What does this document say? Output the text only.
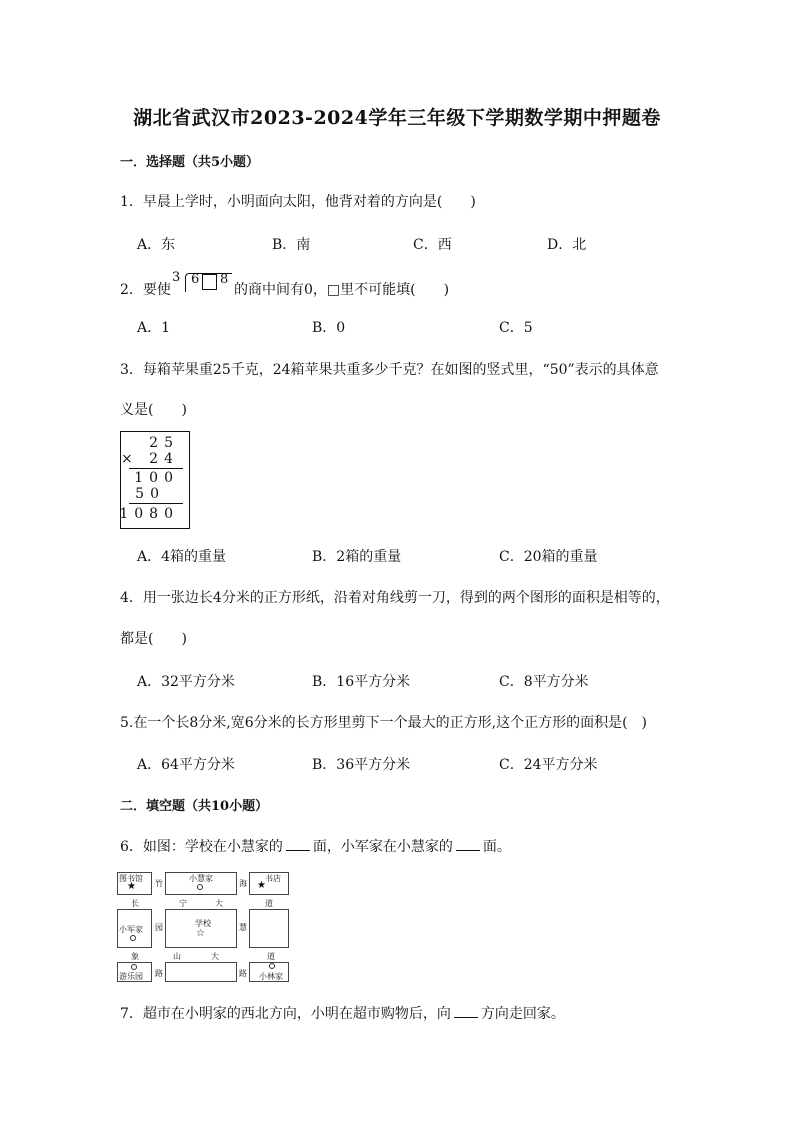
湖北省武汉市2023-2024学年三年级下学期数学期中押题卷
一．选择题（共5小题）
1．早晨上学时，小明面向太阳，他背对着的方向是(　　)
A．东	B．南	C．西	D．北
2．要使
3 6 8
的商中间有0，□里不可能填(　　)
A．1	B．0	C．5
3．每箱苹果重25千克，24箱苹果共重多少千克？在如图的竖式里，“50”表示的具体意
义是(　　)
25
× 24
100
50
1080
A．4箱的重量	B．2箱的重量	C．20箱的重量
4．用一张边长4分米的正方形纸，沿着对角线剪一刀，得到的两个图形的面积是相等的，
都是(　　)
A．32平方分米	B．16平方分米	C．8平方分米
5.在一个长8分米,宽6分米的长方形里剪下一个最大的正方形,这个正方形的面积是(　)
A．64平方分米	B．36平方分米	C．24平方分米
二．填空题（共10小题）
6．如图：学校在小慧家的 面，小军家在小慧家的 面。
图书馆
★
小慧家	书店
★
竹	海
长	宁	大	道
小军家 园	学校
☆
慧
象	山	大	道
游乐园 路	路 小林家
7．超市在小明家的西北方向，小明在超市购物后，向 方向走回家。
